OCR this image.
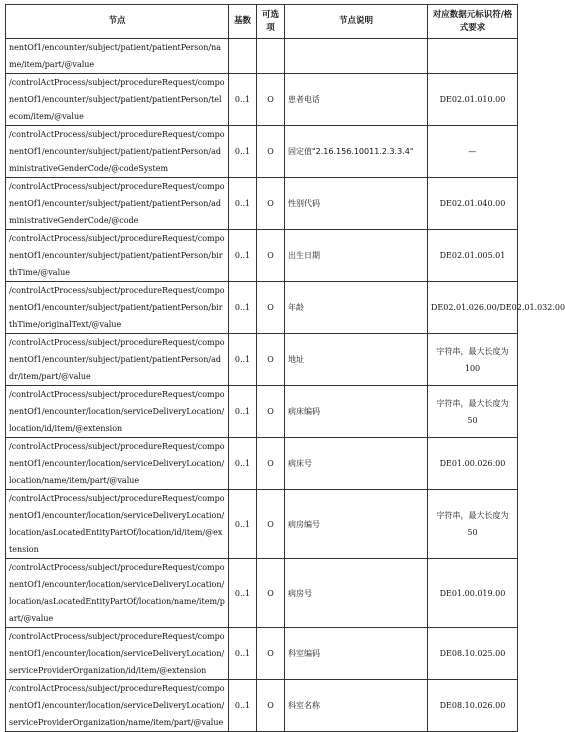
节点	基数	可选项	节点说明	对应数据元标识符/格式要求
nentOf1/encounter/subject/patient/patientPerson/name/item/part/@value				
/controlActProcess/subject/procedureRequest/componentOf1/encounter/subject/patient/patientPerson/telecom/item/@value	0..1	O	患者电话	DE02.01.010.00
/controlActProcess/subject/procedureRequest/componentOf1/encounter/subject/patient/patientPerson/administrativeGenderCode/@codeSystem	0..1	O	固定值"2.16.156.10011.2.3.3.4"	—
/controlActProcess/subject/procedureRequest/componentOf1/encounter/subject/patient/patientPerson/administrativeGenderCode/@code	0..1	O	性别代码	DE02.01.040.00
/controlActProcess/subject/procedureRequest/componentOf1/encounter/subject/patient/patientPerson/birthTime/@value	0..1	O	出生日期	DE02.01.005.01
/controlActProcess/subject/procedureRequest/componentOf1/encounter/subject/patient/patientPerson/birthTime/originalText/@value	0..1	O	年龄	DE02.01.026.00/DE02.01.032.00
/controlActProcess/subject/procedureRequest/componentOf1/encounter/subject/patient/patientPerson/addr/item/part/@value	0..1	O	地址	字符串，最大长度为 100
/controlActProcess/subject/procedureRequest/componentOf1/encounter/location/serviceDeliveryLocation/location/id/item/@extension	0..1	O	病床编码	字符串，最大长度为 50
/controlActProcess/subject/procedureRequest/componentOf1/encounter/location/serviceDeliveryLocation/location/name/item/part/@value	0..1	O	病床号	DE01.00.026.00
/controlActProcess/subject/procedureRequest/componentOf1/encounter/location/serviceDeliveryLocation/location/asLocatedEntityPartOf/location/id/item/@extension	0..1	O	病房编号	字符串，最大长度为 50
/controlActProcess/subject/procedureRequest/componentOf1/encounter/location/serviceDeliveryLocation/location/asLocatedEntityPartOf/location/name/item/part/@value	0..1	O	病房号	DE01.00.019.00
/controlActProcess/subject/procedureRequest/componentOf1/encounter/location/serviceDeliveryLocation/serviceProviderOrganization/id/item/@extension	0..1	O	科室编码	DE08.10.025.00
/controlActProcess/subject/procedureRequest/componentOf1/encounter/location/serviceDeliveryLocation/serviceProviderOrganization/name/item/part/@value	0..1	O	科室名称	DE08.10.026.00
